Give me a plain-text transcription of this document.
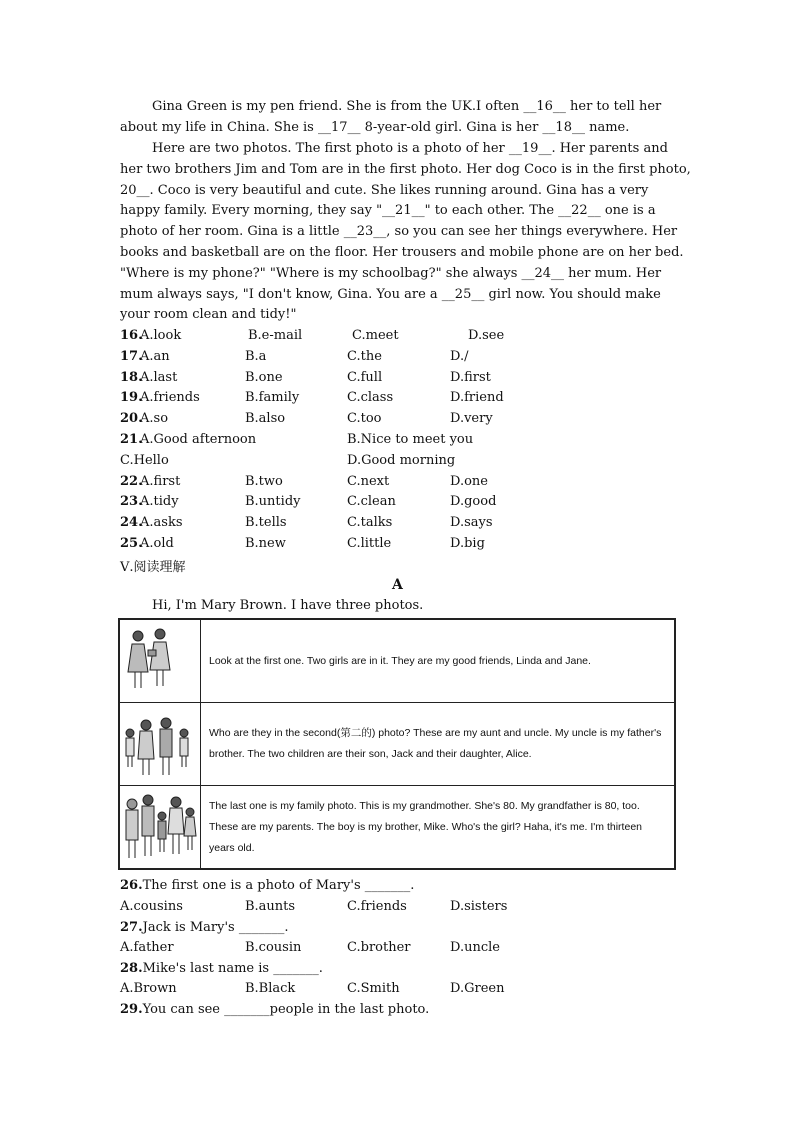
Gina Green is my pen friend. She is from the UK.I often __16__ her to tell her
about my life in China. She is __17__ 8-year-old girl. Gina is her __18__ name.
Here are two photos. The first photo is a photo of her __19__. Her parents and
her two brothers Jim and Tom are in the first photo. Her dog Coco is in the first photo,
20__. Coco is very beautiful and cute. She likes running around. Gina has a very
happy family. Every morning, they say "__21__" to each other. The __22__ one is a
photo of her room. Gina is a little __23__, so you can see her things everywhere. Her
books and basketball are on the floor. Her trousers and mobile phone are on her bed.
"Where is my phone?" "Where is my schoolbag?" she always __24__ her mum. Her
mum always says, "I don't know, Gina. You are a __25__ girl now. You should make
your room clean and tidy!"
16.
A.look	B.e-mail	C.meet	D.see
17.
A.an	B.a	C.the	D./
18.
A.last	B.one	C.full	D.first
19.
A.friends	B.family	C.class	D.friend
20.
A.so	B.also	C.too	D.very
21.
A.Good afternoon	B.Nice to meet you
C.Hello	D.Good morning
22.
A.first	B.two	C.next	D.one
23.
A.tidy	B.untidy	C.clean	D.good
24.
A.asks	B.tells	C.talks	D.says
25.
A.old	B.new	C.little	D.big
Ⅴ.阅读理解
A
Hi, I'm Mary Brown. I have three photos.
	Look at the first one. Two girls are in it. They are my good friends, Linda and Jane.

	Who are they in the second(第二的) photo? These are my aunt and uncle. My uncle is my father's brother. The two children are their son, Jack and their daughter, Alice.

	The last one is my family photo. This is my grandmother. She's 80. My grandfather is 80, too. These are my parents. The boy is my brother, Mike. Who's the girl? Haha, it's me. I'm thirteen years old.
26.The first one is a photo of Mary's _______.
A.cousins	B.aunts	C.friends	D.sisters
27.Jack is Mary's _______.
A.father	B.cousin	C.brother	D.uncle
28.Mike's last name is _______.
A.Brown	B.Black	C.Smith	D.Green
29.You can see _______people in the last photo.
